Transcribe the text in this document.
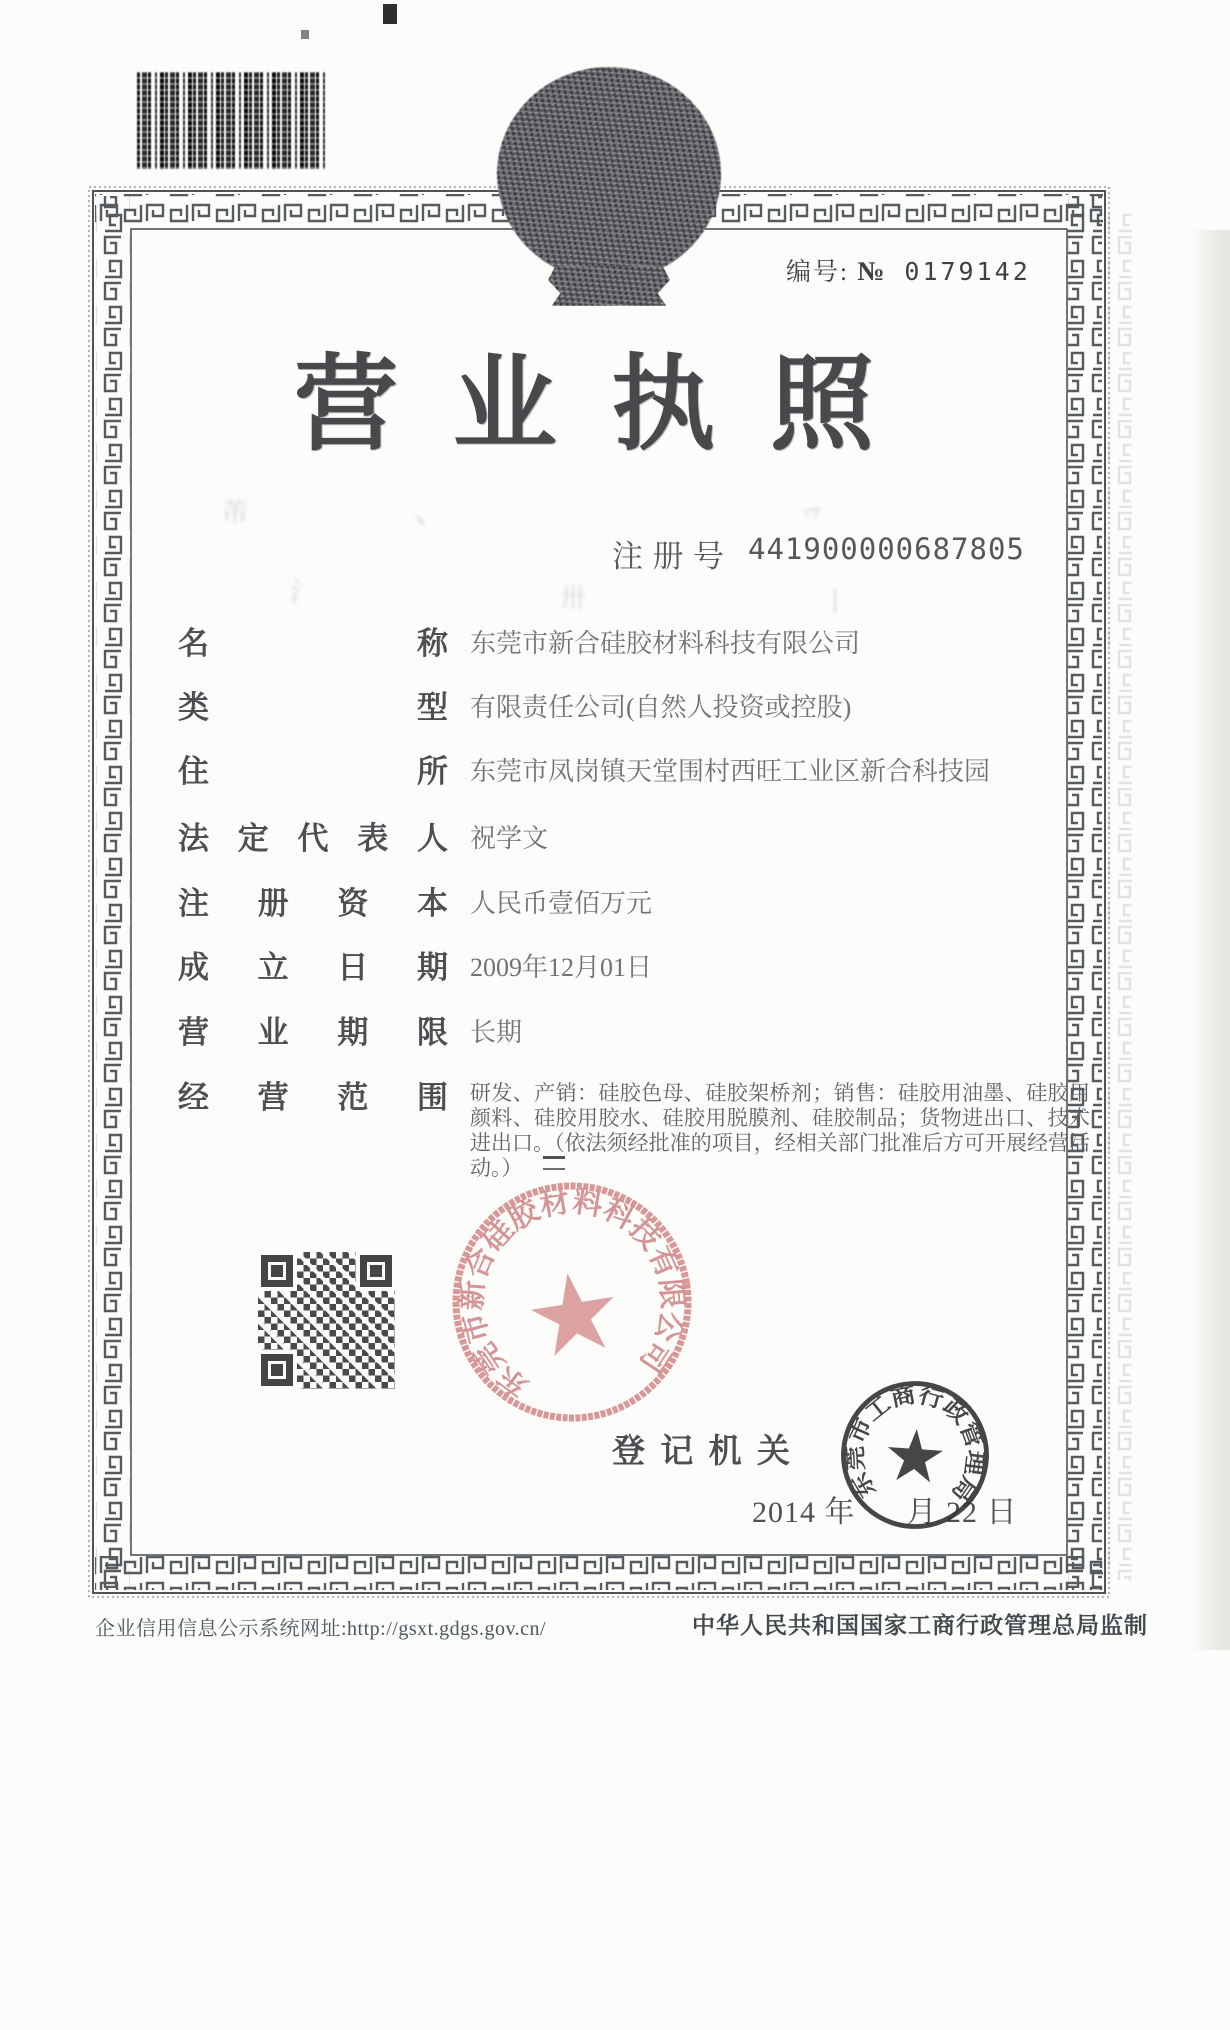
编号: № 0179142
营 业 执 照
注 册 号 441900000687805
芾	丶	乊
氵	卅	丨
名	称 东莞市新合硅胶材料科技有限公司
类	型 有限责任公司(自然人投资或控股)
住	所 东莞市凤岗镇天堂围村西旺工业区新合科技园
法 定 代 表 人 祝学文
注 册 资 本 人民币壹佰万元
成 立 日 期 2009年12月01日
营 业 期 限 长期
经 营 范 围 研发、产销：硅胶色母、硅胶架桥剂；销售：硅胶用油墨、硅胶用颜料、硅胶用胶水、硅胶用脱膜剂、硅胶制品；货物进出口、技术进出口。（依法须经批准的项目，经相关部门批准后方可开展经营活动。）
东莞市新合硅胶材料科技有限公司
登 记 机 关
2014 年      月 22 日
东莞市工商行政管理局
企业信用信息公示系统网址:http://gsxt.gdgs.gov.cn/	中华人民共和国国家工商行政管理总局监制
